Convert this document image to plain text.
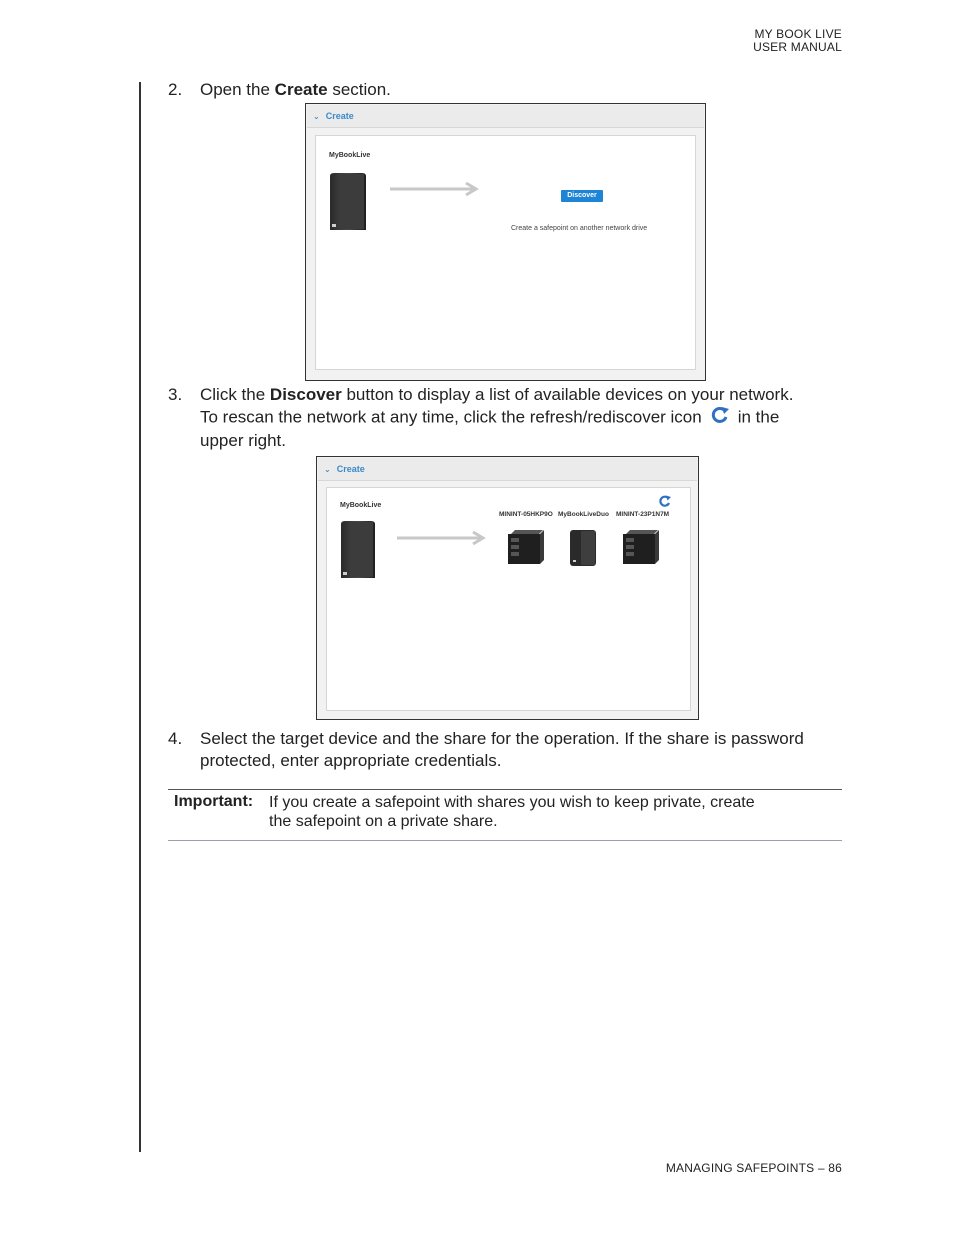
MY BOOK LIVE
USER MANUAL
2. Open the Create section.
⌄ Create
MyBookLive
Discover
Create a safepoint on another network drive
3. Click the Discover button to display a list of available devices on your network.
To rescan the network at any time, click the refresh/rediscover icon in the
upper right.
⌄ Create
MyBookLive
MININT-05HKP9O MyBookLiveDuo MININT-23P1N7M
4. Select the target device and the share for the operation. If the share is password
protected, enter appropriate credentials.
Important: If you create a safepoint with shares you wish to keep private, create
the safepoint on a private share.
MANAGING SAFEPOINTS – 86
